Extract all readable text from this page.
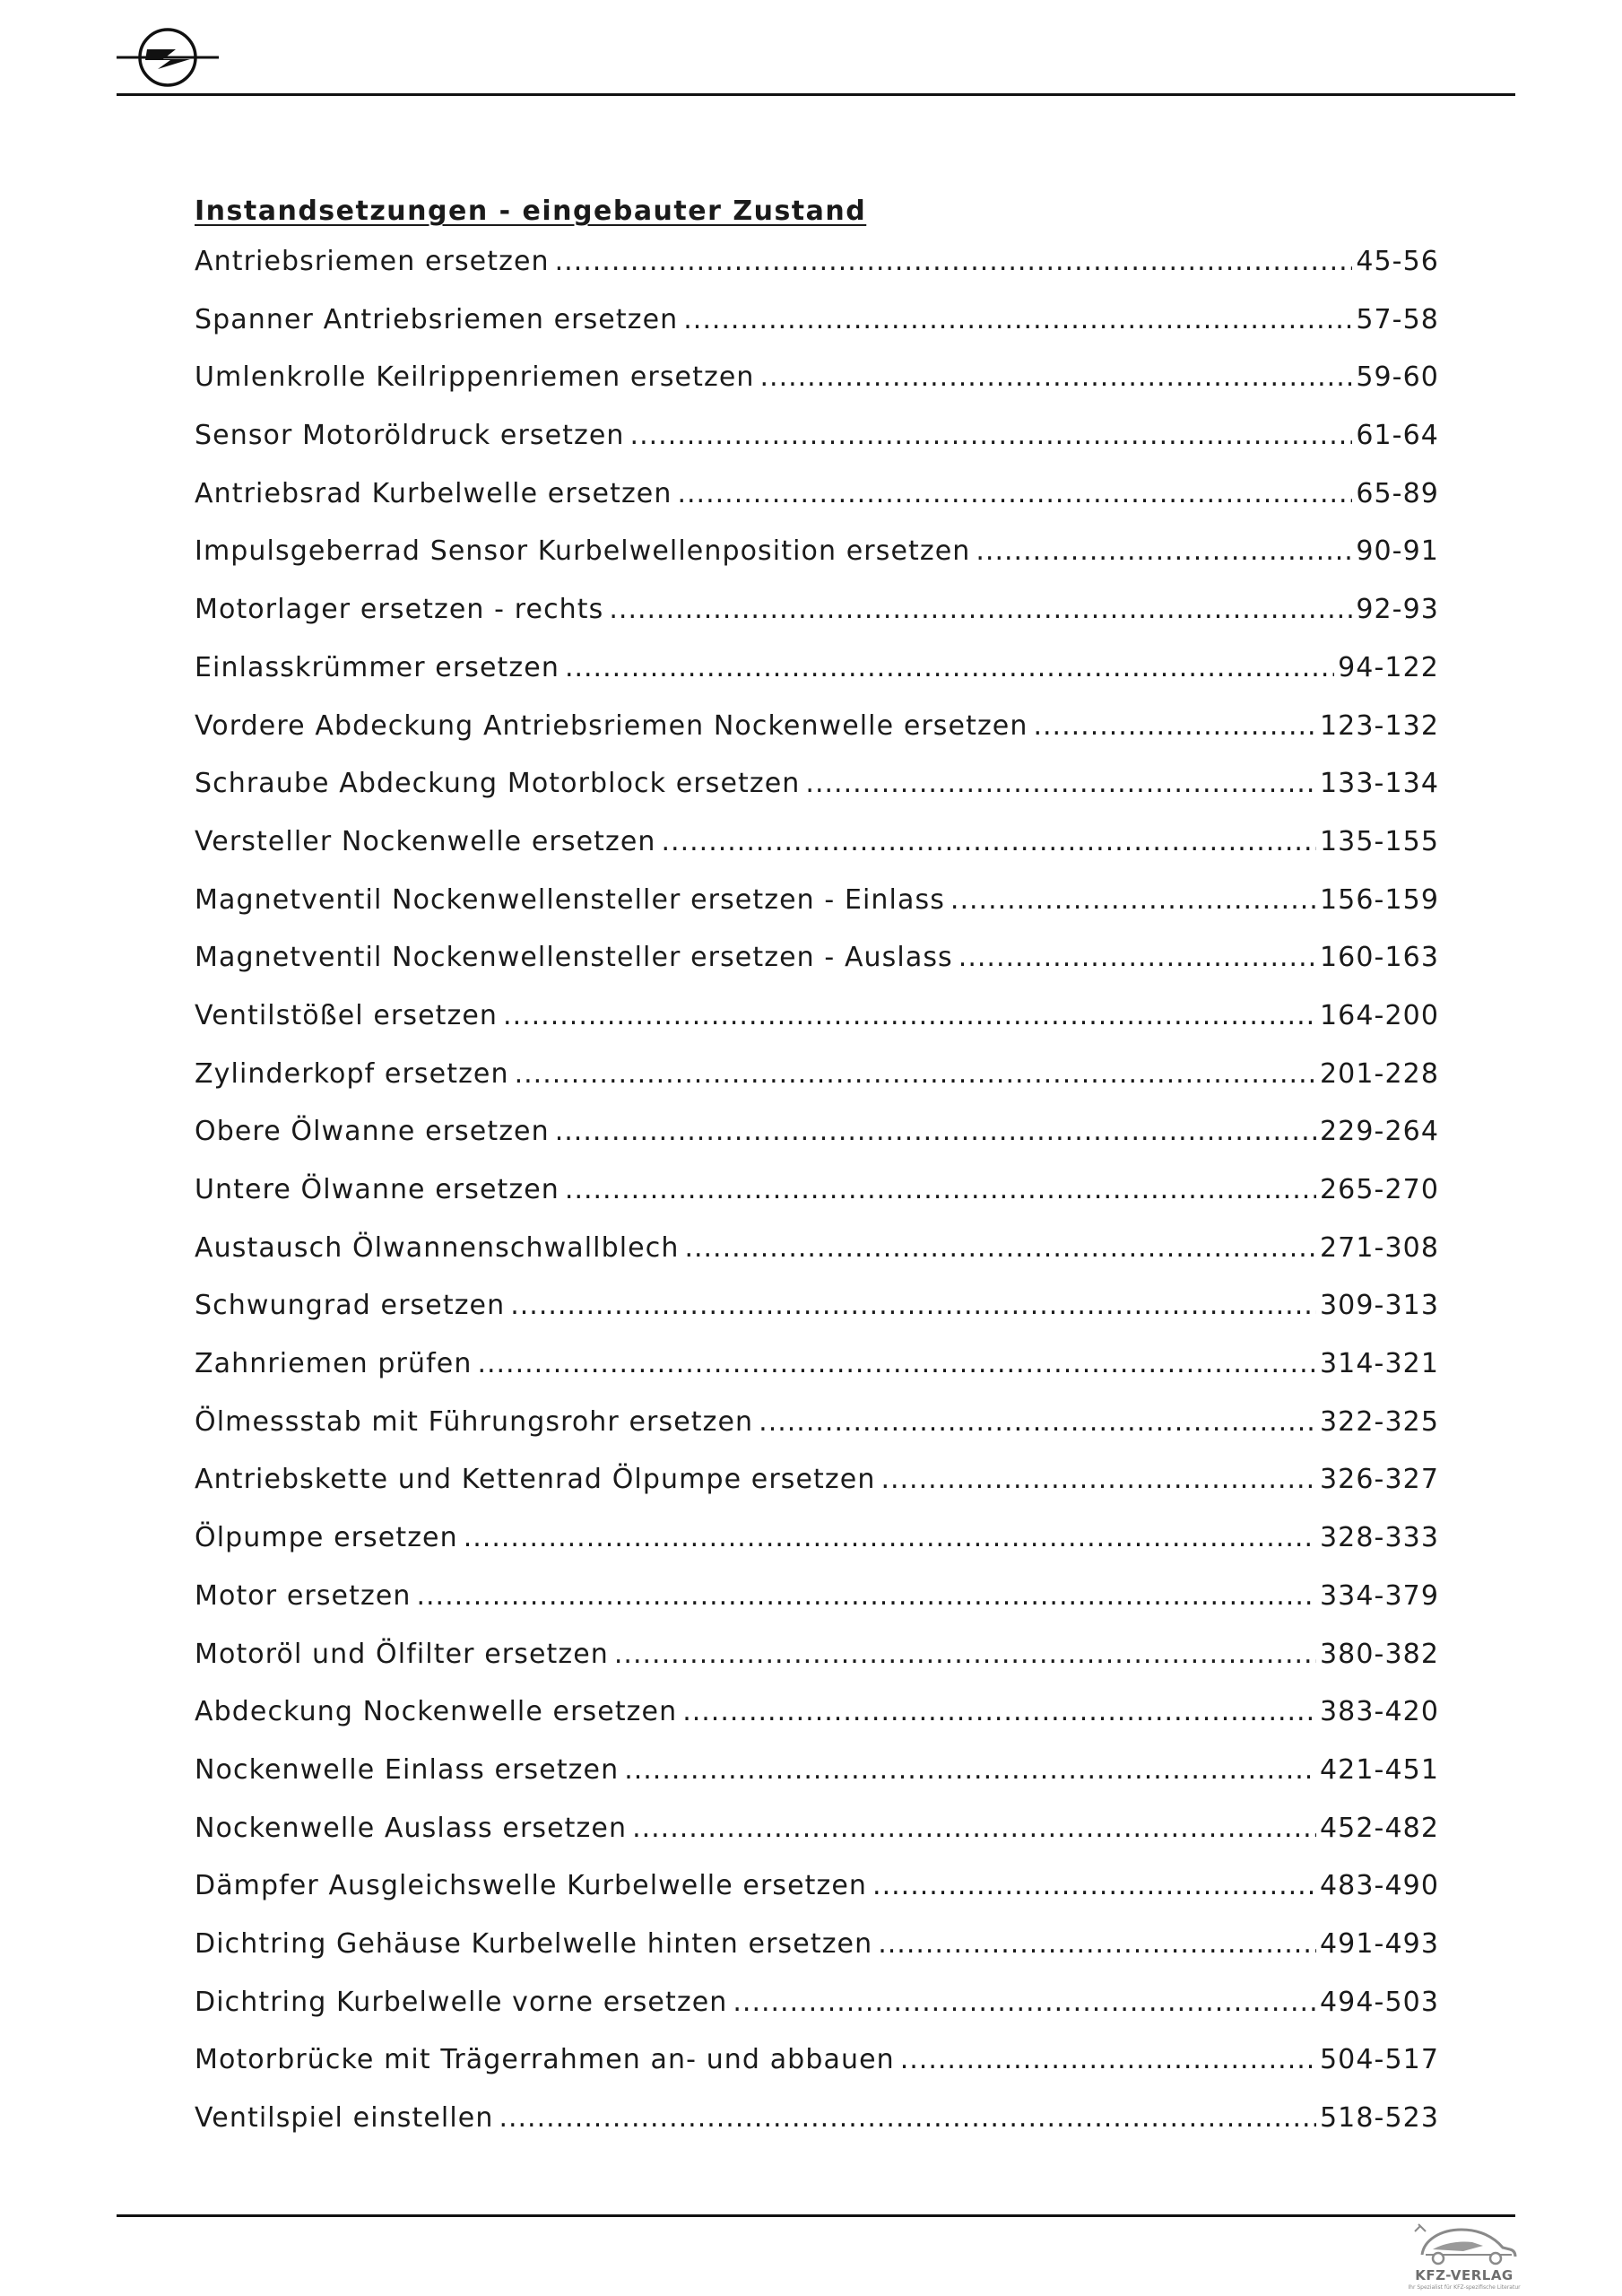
Instandsetzungen - eingebauter Zustand
Antriebsriemen ersetzen .....	45-56
Spanner Antriebsriemen ersetzen .....	57-58
Umlenkrolle Keilrippenriemen ersetzen .....	59-60
Sensor Motoröldruck ersetzen .....	61-64
Antriebsrad Kurbelwelle ersetzen .....	65-89
Impulsgeberrad Sensor Kurbelwellenposition ersetzen .....	90-91
Motorlager ersetzen - rechts .....	92-93
Einlasskrümmer ersetzen .....	94-122
Vordere Abdeckung Antriebsriemen Nockenwelle ersetzen .....	123-132
Schraube Abdeckung Motorblock ersetzen .....	133-134
Versteller Nockenwelle ersetzen .....	135-155
Magnetventil Nockenwellensteller ersetzen - Einlass .....	156-159
Magnetventil Nockenwellensteller ersetzen - Auslass .....	160-163
Ventilstößel ersetzen .....	164-200
Zylinderkopf ersetzen .....	201-228
Obere Ölwanne ersetzen .....	229-264
Untere Ölwanne ersetzen .....	265-270
Austausch Ölwannenschwallblech .....	271-308
Schwungrad ersetzen .....	309-313
Zahnriemen prüfen .....	314-321
Ölmessstab mit Führungsrohr ersetzen .....	322-325
Antriebskette und Kettenrad Ölpumpe ersetzen .....	326-327
Ölpumpe ersetzen .....	328-333
Motor ersetzen .....	334-379
Motoröl und Ölfilter ersetzen .....	380-382
Abdeckung Nockenwelle ersetzen .....	383-420
Nockenwelle Einlass ersetzen .....	421-451
Nockenwelle Auslass ersetzen .....	452-482
Dämpfer Ausgleichswelle Kurbelwelle ersetzen .....	483-490
Dichtring Gehäuse Kurbelwelle hinten ersetzen .....	491-493
Dichtring Kurbelwelle vorne ersetzen .....	494-503
Motorbrücke mit Trägerrahmen an- und abbauen .....	504-517
Ventilspiel einstellen .....	518-523
KFZ-VERLAG
Ihr Spezialist für KFZ-spezifische Literatur
